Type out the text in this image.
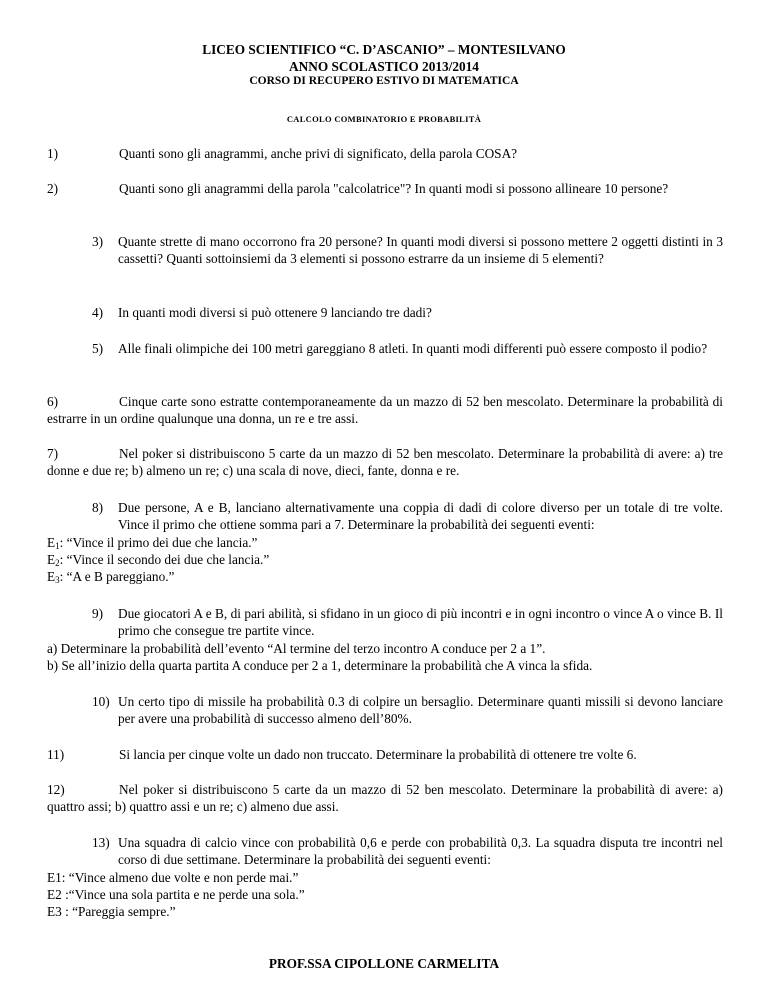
LICEO SCIENTIFICO “C. D’ASCANIO” – MONTESILVANO
ANNO SCOLASTICO 2013/2014
CORSO DI RECUPERO ESTIVO DI MATEMATICA
CALCOLO COMBINATORIO E PROBABILITÀ
1)	Quanti sono gli anagrammi, anche privi di significato, della parola COSA?
2)	Quanti sono gli anagrammi della parola "calcolatrice"? In quanti modi si possono allineare 10 persone?
3)	Quante strette di mano occorrono fra 20 persone? In quanti modi diversi si possono mettere 2 oggetti distinti in 3 cassetti? Quanti sottoinsiemi da 3 elementi si possono estrarre da un insieme di 5 elementi?
4)	In quanti modi diversi si può ottenere 9 lanciando tre dadi?
5)	Alle finali olimpiche dei 100 metri gareggiano 8 atleti. In quanti modi differenti può essere composto il podio?
6)	Cinque carte sono estratte contemporaneamente da un mazzo di 52 ben mescolato. Determinare la probabilità di estrarre in un ordine qualunque una donna, un re e tre assi.
7)	Nel poker si distribuiscono 5 carte da un mazzo di 52 ben mescolato. Determinare la probabilità di avere: a) tre donne e due re; b) almeno un re; c) una scala di nove, dieci, fante, donna e re.
8)	Due persone, A e B, lanciano alternativamente una coppia di dadi di colore diverso per un totale di tre volte. Vince il primo che ottiene somma pari a 7. Determinare la probabilità dei seguenti eventi:
$E_1$: “Vince il primo dei due che lancia.”
$E_2$: “Vince il secondo dei due che lancia.”
$E_3$: “A e B pareggiano.”
9)	Due giocatori A e B, di pari abilità, si sfidano in un gioco di più incontri e in ogni incontro o vince A o vince B. Il primo che consegue tre partite vince.
a) Determinare la probabilità dell’evento “Al termine del terzo incontro A conduce per 2 a 1”.
b) Se all’inizio della quarta partita A conduce per 2 a 1, determinare la probabilità che A vinca la sfida.
10) Un certo tipo di missile ha probabilità 0.3 di colpire un bersaglio. Determinare quanti missili si devono lanciare per avere una probabilità di successo almeno dell’80%.
11)	Si lancia per cinque volte un dado non truccato. Determinare la probabilità di ottenere tre volte 6.
12)	Nel poker si distribuiscono 5 carte da un mazzo di 52 ben mescolato. Determinare la probabilità di avere: a) quattro assi; b) quattro assi e un re; c) almeno due assi.
13) Una squadra di calcio vince con probabilità 0,6 e perde con probabilità 0,3. La squadra disputa tre incontri nel corso di due settimane. Determinare la probabilità dei seguenti eventi:
E1: “Vince almeno due volte e non perde mai.”
E2 :“Vince una sola partita e ne perde una sola.”
E3 : “Pareggia sempre.”
PROF.SSA CIPOLLONE CARMELITA
